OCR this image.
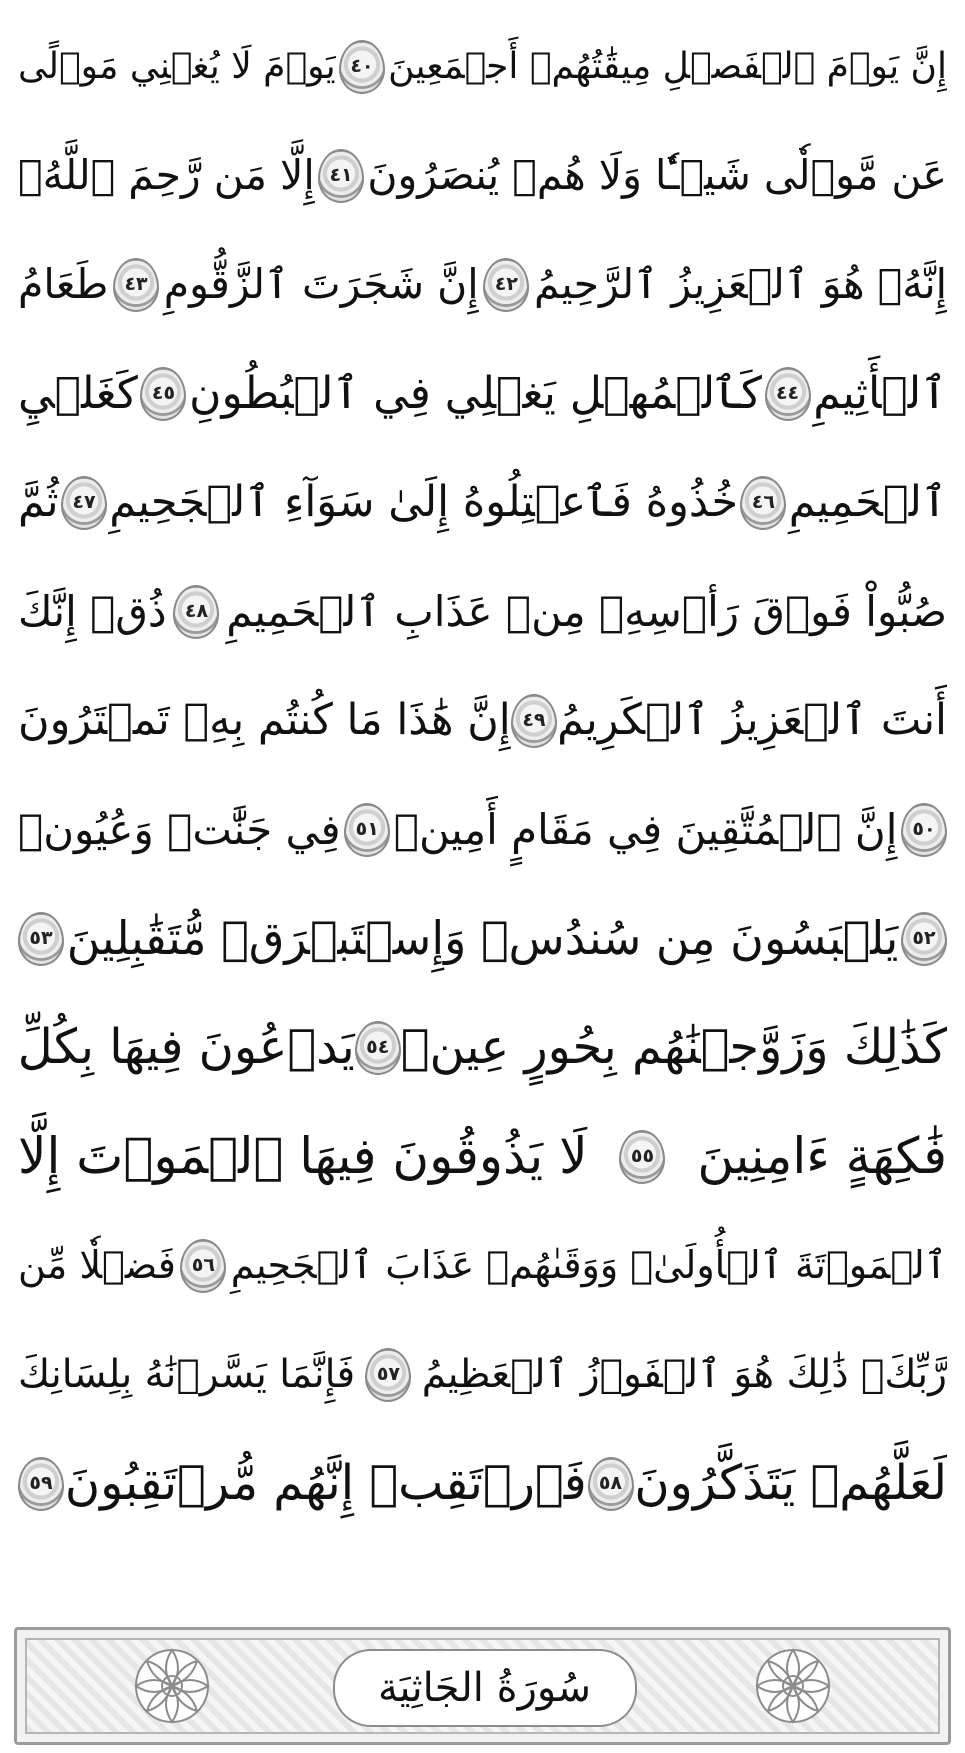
إِنَّ يَوۡمَ ٱلۡفَصۡلِ مِيقَٰتُهُمۡ أَجۡمَعِينَ
٤٠
يَوۡمَ لَا يُغۡنِي مَوۡلًى
عَن مَّوۡلٗى شَيۡـٔٗا وَلَا هُمۡ يُنصَرُونَ
٤١
إِلَّا مَن رَّحِمَ ٱللَّهُۚ
إِنَّهُۥ هُوَ ٱلۡعَزِيزُ ٱلرَّحِيمُ
٤٢
إِنَّ شَجَرَتَ ٱلزَّقُّومِ
٤٣
طَعَامُ
ٱلۡأَثِيمِ
٤٤
كَٱلۡمُهۡلِ يَغۡلِي فِي ٱلۡبُطُونِ
٤٥
كَغَلۡيِ
ٱلۡحَمِيمِ
٤٦
خُذُوهُ فَٱعۡتِلُوهُ إِلَىٰ سَوَآءِ ٱلۡجَحِيمِ
٤٧
ثُمَّ
صُبُّواْ فَوۡقَ رَأۡسِهِۦ مِنۡ عَذَابِ ٱلۡحَمِيمِ
٤٨
ذُقۡ إِنَّكَ
أَنتَ ٱلۡعَزِيزُ ٱلۡكَرِيمُ
٤٩
إِنَّ هَٰذَا مَا كُنتُم بِهِۦ تَمۡتَرُونَ
٥٠
إِنَّ ٱلۡمُتَّقِينَ فِي مَقَامٍ أَمِينٖ
٥١
فِي جَنَّٰتٖ وَعُيُونٖ
٥٢
يَلۡبَسُونَ مِن سُندُسٖ وَإِسۡتَبۡرَقٖ مُّتَقَٰبِلِينَ
٥٣
كَذَٰلِكَ وَزَوَّجۡنَٰهُم بِحُورٍ عِينٖ
٥٤
يَدۡعُونَ فِيهَا بِكُلِّ
فَٰكِهَةٍ ءَامِنِينَ
٥٥
لَا يَذُوقُونَ فِيهَا ٱلۡمَوۡتَ إِلَّا
ٱلۡمَوۡتَةَ ٱلۡأُولَىٰۖ وَوَقَىٰهُمۡ عَذَابَ ٱلۡجَحِيمِ
٥٦
فَضۡلٗا مِّن
رَّبِّكَۚ ذَٰلِكَ هُوَ ٱلۡفَوۡزُ ٱلۡعَظِيمُ
٥٧
فَإِنَّمَا يَسَّرۡنَٰهُ بِلِسَانِكَ
لَعَلَّهُمۡ يَتَذَكَّرُونَ
٥٨
فَٱرۡتَقِبۡ إِنَّهُم مُّرۡتَقِبُونَ
٥٩
سُورَةُ الجَاثِيَة
